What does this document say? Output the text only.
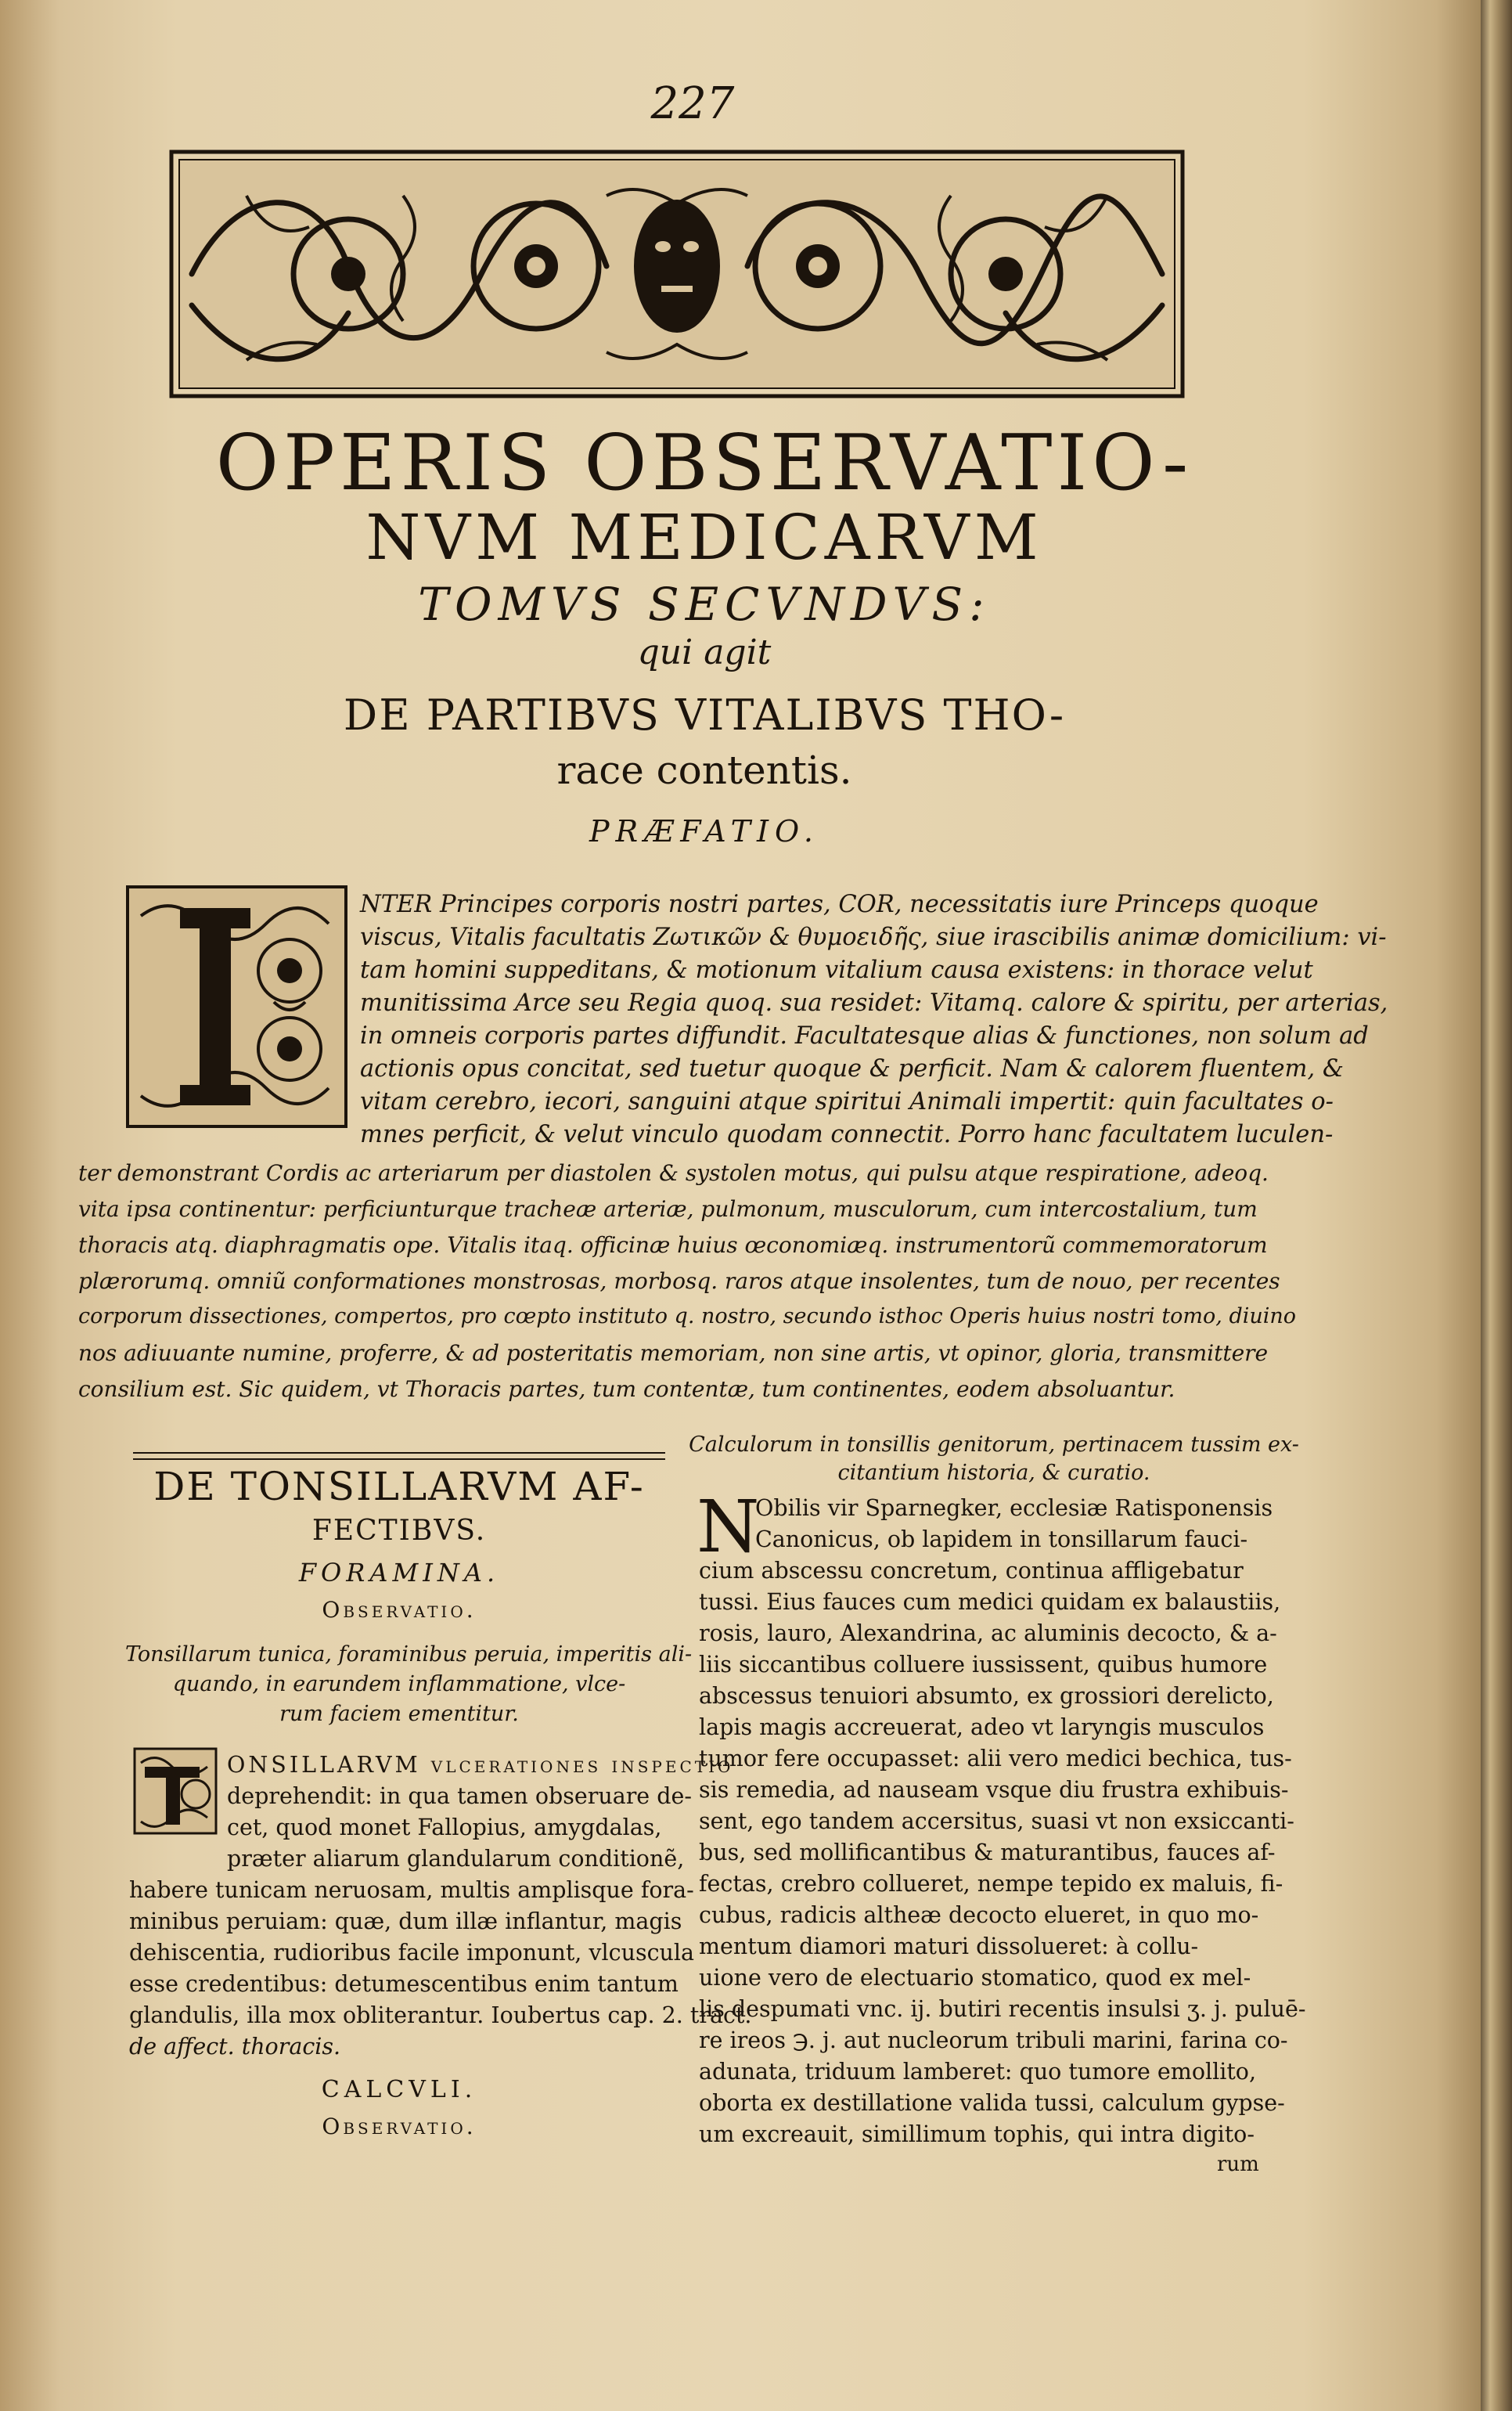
227
OPERIS OBSERVATIO-
NVM MEDICARVM
TOMVS SECVNDVS:
qui agit
DE PARTIBVS VITALIBVS THO-
race contentis.
PRÆFATIO.
NTER Principes corporis nostri partes, COR, necessitatis iure Princeps quoque
viscus, Vitalis facultatis Ζωτικῶν & θυμοειδῆς, siue irascibilis animæ domicilium: vi-
tam homini suppeditans, & motionum vitalium causa existens: in thorace velut
munitissima Arce seu Regia quoq. sua residet: Vitamq. calore & spiritu, per arterias,
in omneis corporis partes diffundit. Facultatesque alias & functiones, non solum ad
actionis opus concitat, sed tuetur quoque & perficit. Nam & calorem fluentem, &
vitam cerebro, iecori, sanguini atque spiritui Animali impertit: quin facultates o-
mnes perficit, & velut vinculo quodam connectit. Porro hanc facultatem luculen-
ter demonstrant Cordis ac arteriarum per diastolen & systolen motus, qui pulsu atque respiratione, adeoq.
vita ipsa continentur: perficiunturque tracheæ arteriæ, pulmonum, musculorum, cum intercostalium, tum
thoracis atq. diaphragmatis ope. Vitalis itaq. officinæ huius œconomiæq. instrumentorũ commemoratorum
plærorumq. omniũ conformationes monstrosas, morbosq. raros atque insolentes, tum de nouo, per recentes
corporum dissectiones, compertos, pro cœpto instituto q. nostro, secundo isthoc Operis huius nostri tomo, diuino
nos adiuuante numine, proferre, & ad posteritatis memoriam, non sine artis, vt opinor, gloria, transmittere
consilium est. Sic quidem, vt Thoracis partes, tum contentæ, tum continentes, eodem absoluantur.
DE TONSILLARVM AF-
FECTIBVS.
FORAMINA.
Observatio.
Tonsillarum tunica, foraminibus peruia, imperitis ali-
quando, in earundem inflammatione, vlce-
rum faciem ementitur.
ONSILLARVM vlcerationes inspectio
deprehendit: in qua tamen obseruare de-
cet, quod monet Fallopius, amygdalas,
præter aliarum glandularum conditionẽ,
habere tunicam neruosam, multis amplisque fora-
minibus peruiam: quæ, dum illæ inflantur, magis
dehiscentia, rudioribus facile imponunt, vlcuscula
esse credentibus: detumescentibus enim tantum
glandulis, illa mox obliterantur. Ioubertus cap. 2. tract.
de affect. thoracis.
CALCVLI.
Observatio.
Calculorum in tonsillis genitorum, pertinacem tussim ex-
citantium historia, & curatio.
N
Obilis vir Sparnegker, ecclesiæ Ratisponensis
Canonicus, ob lapidem in tonsillarum fauci-
cium abscessu concretum, continua affligebatur
tussi. Eius fauces cum medici quidam ex balaustiis,
rosis, lauro, Alexandrina, ac aluminis decocto, & a-
liis siccantibus colluere iussissent, quibus humore
abscessus tenuiori absumto, ex grossiori derelicto,
lapis magis accreuerat, adeo vt laryngis musculos
tumor fere occupasset: alii vero medici bechica, tus-
sis remedia, ad nauseam vsque diu frustra exhibuis-
sent, ego tandem accersitus, suasi vt non exsiccanti-
bus, sed mollificantibus & maturantibus, fauces af-
fectas, crebro collueret, nempe tepido ex maluis, fi-
cubus, radicis altheæ decocto elueret, in quo mo-
mentum diamori maturi dissolueret: à collu-
uione vero de electuario stomatico, quod ex mel-
lis despumati vnc. ij. butiri recentis insulsi ʒ. j. puluē-
re ireos ℈. j. aut nucleorum tribuli marini, farina co-
adunata, triduum lamberet: quo tumore emollito,
oborta ex destillatione valida tussi, calculum gypse-
um excreauit, simillimum tophis, qui intra digito-
rum
